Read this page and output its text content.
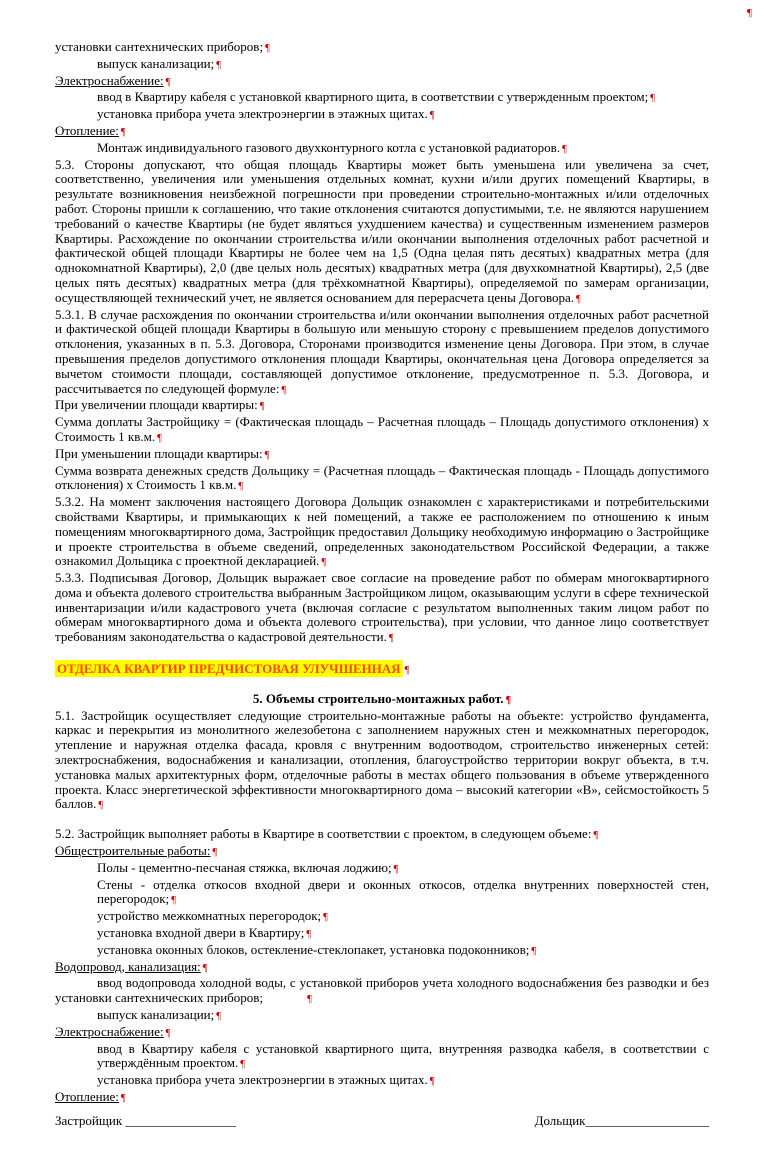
¶
установки сантехнических приборов; ¶
выпуск канализации; ¶
Электроснабжение: ¶
ввод в Квартиру кабеля с установкой квартирного щита, в соответствии с утвержденным проектом; ¶
установка прибора учета электроэнергии в этажных щитах. ¶
Отопление: ¶
Монтаж индивидуального газового двухконтурного котла с установкой радиаторов. ¶
5.3. Стороны допускают, что общая площадь Квартиры может быть уменьшена или увеличена за счет, соответственно, увеличения или уменьшения отдельных комнат, кухни и/или других помещений Квартиры, в результате возникновения неизбежной погрешности при проведении строительно-монтажных и/или отделочных работ. Стороны пришли к соглашению, что такие отклонения считаются допустимыми, т.е. не являются нарушением требований о качестве Квартиры (не будет являться ухудшением качества) и существенным изменением размеров Квартиры. Расхождение по окончании строительства и/или окончании выполнения отделочных работ расчетной и фактической общей площади Квартиры не более чем на 1,5 (Одна целая пять десятых) квадратных метра (для однокомнатной Квартиры), 2,0 (две целых ноль десятых) квадратных метра (для двухкомнатной Квартиры), 2,5 (две целых пять десятых) квадратных метра (для трёхкомнатной Квартиры), определяемой по замерам организации, осуществляющей технический учет, не является основанием для перерасчета цены Договора. ¶
5.3.1. В случае расхождения по окончании строительства и/или окончании выполнения отделочных работ расчетной и фактической общей площади Квартиры в большую или меньшую сторону с превышением пределов допустимого отклонения, указанных в п. 5.3. Договора, Сторонами производится изменение цены Договора. При этом, в случае превышения пределов допустимого отклонения площади Квартиры, окончательная цена Договора определяется за вычетом стоимости площади, составляющей допустимое отклонение, предусмотренное п. 5.3. Договора, и рассчитывается по следующей формуле: ¶
При увеличении площади квартиры: ¶
Сумма доплаты Застройщику = (Фактическая площадь – Расчетная площадь – Площадь допустимого отклонения) х Стоимость 1 кв.м. ¶
При уменьшении площади квартиры: ¶
Сумма возврата денежных средств Дольщику = (Расчетная площадь – Фактическая площадь - Площадь допустимого отклонения) х Стоимость 1 кв.м. ¶
5.3.2. На момент заключения настоящего Договора Дольщик ознакомлен с характеристиками и потребительскими свойствами Квартиры, и примыкающих к ней помещений, а также ее расположением по отношению к иным помещениям многоквартирного дома, Застройщик предоставил Дольщику необходимую информацию о Застройщике и проекте строительства в объеме сведений, определенных законодательством Российской Федерации, а также ознакомил Дольщика с проектной декларацией. ¶
5.3.3. Подписывая Договор, Дольщик выражает свое согласие на проведение работ по обмерам многоквартирного дома и объекта долевого строительства выбранным Застройщиком лицом, оказывающим услуги в сфере технической инвентаризации и/или кадастрового учета (включая согласие с результатом выполненных таким лицом работ по обмерам многоквартирного дома и объекта долевого строительства), при условии, что данное лицо соответствует требованиям законодательства о кадастровой деятельности. ¶
ОТДЕЛКА КВАРТИР ПРЕДЧИСТОВАЯ УЛУЧШЕННАЯ ¶
5. Объемы строительно-монтажных работ. ¶
5.1. Застройщик осуществляет следующие строительно-монтажные работы на объекте: устройство фундамента, каркас и перекрытия из монолитного железобетона с заполнением наружных стен и межкомнатных перегородок, утепление и наружная отделка фасада, кровля с внутренним водоотводом, строительство инженерных сетей: электроснабжения, водоснабжения и канализации, отопления, благоустройство территории вокруг объекта, в т.ч. установка малых архитектурных форм, отделочные работы в местах общего пользования в объеме утвержденного проекта. Класс энергетической эффективности многоквартирного дома – высокий категории «В», сейсмостойкость 5 баллов. ¶
5.2. Застройщик выполняет работы в Квартире в соответствии с проектом, в следующем объеме: ¶
Общестроительные работы: ¶
Полы - цементно-песчаная стяжка, включая лоджию; ¶
Стены - отделка откосов входной двери и оконных откосов, отделка внутренних поверхностей стен, перегородок; ¶
устройство межкомнатных перегородок; ¶
установка входной двери в Квартиру; ¶
установка оконных блоков, остекление-стеклопакет, установка подоконников; ¶
Водопровод, канализация: ¶
ввод водопровода холодной воды, с установкой приборов учета холодного водоснабжения без разводки и без установки сантехнических приборов;	¶
выпуск канализации; ¶
Электроснабжение: ¶
ввод в Квартиру кабеля с установкой квартирного щита, внутренняя разводка кабеля, в соответствии с утверждённым проектом. ¶
установка прибора учета электроэнергии в этажных щитах. ¶
Отопление: ¶
Застройщик _________________	Дольщик___________________
